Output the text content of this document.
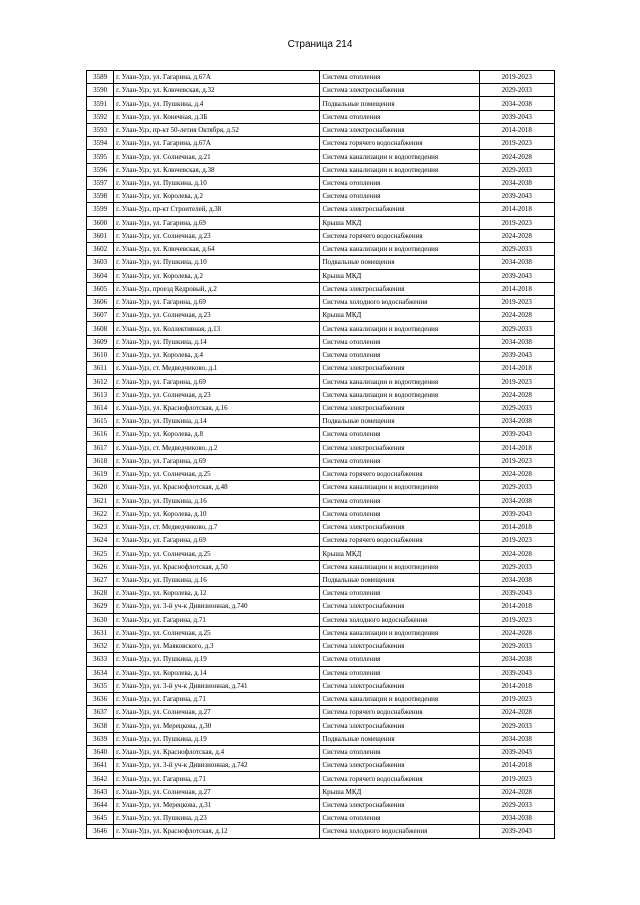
Страница 214
3589	г. Улан-Удэ, ул. Гагарина, д.67А	Система отопления	2019-2023
3590	г. Улан-Удэ, ул. Ключевская, д.32	Система электроснабжения	2029-2033
3591	г. Улан-Удэ, ул. Пушкина, д.4	Подвальные помещения	2034-2038
3592	г. Улан-Удэ, ул. Конечная, д.3Б	Система отопления	2039-2043
3593	г. Улан-Удэ, пр-кт 50-летия Октября, д.52	Система электроснабжения	2014-2018
3594	г. Улан-Удэ, ул. Гагарина, д.67А	Система горячего водоснабжения	2019-2023
3595	г. Улан-Удэ, ул. Солнечная, д.21	Система канализации и водоотведения	2024-2028
3596	г. Улан-Удэ, ул. Ключевская, д.38	Система канализации и водоотведения	2029-2033
3597	г. Улан-Удэ, ул. Пушкина, д.10	Система отопления	2034-2038
3598	г. Улан-Удэ, ул. Королева, д.2	Система отопления	2039-2043
3599	г. Улан-Удэ, пр-кт Строителей, д.38	Система электроснабжения	2014-2018
3600	г. Улан-Удэ, ул. Гагарина, д.69	Крыша МКД	2019-2023
3601	г. Улан-Удэ, ул. Солнечная, д.23	Система горячего водоснабжения	2024-2028
3602	г. Улан-Удэ, ул. Ключевская, д.64	Система канализации и водоотведения	2029-2033
3603	г. Улан-Удэ, ул. Пушкина, д.10	Подвальные помещения	2034-2038
3604	г. Улан-Удэ, ул. Королева, д.2	Крыша МКД	2039-2043
3605	г. Улан-Удэ, проезд Кедровый, д.2	Система электроснабжения	2014-2018
3606	г. Улан-Удэ, ул. Гагарина, д.69	Система холодного водоснабжения	2019-2023
3607	г. Улан-Удэ, ул. Солнечная, д.23	Крыша МКД	2024-2028
3608	г. Улан-Удэ, ул. Коллективная, д.13	Система канализации и водоотведения	2029-2033
3609	г. Улан-Удэ, ул. Пушкина, д.14	Система отопления	2034-2038
3610	г. Улан-Удэ, ул. Королева, д.4	Система отопления	2039-2043
3611	г. Улан-Удэ, ст. Медведчиково, д.1	Система электроснабжения	2014-2018
3612	г. Улан-Удэ, ул. Гагарина, д.69	Система канализации и водоотведения	2019-2023
3613	г. Улан-Удэ, ул. Солнечная, д.23	Система канализации и водоотведения	2024-2028
3614	г. Улан-Удэ, ул. Краснофлотская, д.16	Система электроснабжения	2029-2033
3615	г. Улан-Удэ, ул. Пушкина, д.14	Подвальные помещения	2034-2038
3616	г. Улан-Удэ, ул. Королева, д.8	Система отопления	2039-2043
3617	г. Улан-Удэ, ст. Медведчиково, д.2	Система электроснабжения	2014-2018
3618	г. Улан-Удэ, ул. Гагарина, д.69	Система отопления	2019-2023
3619	г. Улан-Удэ, ул. Солнечная, д.25	Система горячего водоснабжения	2024-2028
3620	г. Улан-Удэ, ул. Краснофлотская, д.48	Система канализации и водоотведения	2029-2033
3621	г. Улан-Удэ, ул. Пушкина, д.16	Система отопления	2034-2038
3622	г. Улан-Удэ, ул. Королева, д.10	Система отопления	2039-2043
3623	г. Улан-Удэ, ст. Медведчиково, д.7	Система электроснабжения	2014-2018
3624	г. Улан-Удэ, ул. Гагарина, д.69	Система горячего водоснабжения	2019-2023
3625	г. Улан-Удэ, ул. Солнечная, д.25	Крыша МКД	2024-2028
3626	г. Улан-Удэ, ул. Краснофлотская, д.50	Система канализации и водоотведения	2029-2033
3627	г. Улан-Удэ, ул. Пушкина, д.16	Подвальные помещения	2034-2038
3628	г. Улан-Удэ, ул. Королева, д.12	Система отопления	2039-2043
3629	г. Улан-Удэ, ул. 3-й уч-к Дивизионная, д.740	Система электроснабжения	2014-2018
3630	г. Улан-Удэ, ул. Гагарина, д.71	Система холодного водоснабжения	2019-2023
3631	г. Улан-Удэ, ул. Солнечная, д.25	Система канализации и водоотведения	2024-2028
3632	г. Улан-Удэ, ул. Маяковского, д.3	Система электроснабжения	2029-2033
3633	г. Улан-Удэ, ул. Пушкина, д.19	Система отопления	2034-2038
3634	г. Улан-Удэ, ул. Королева, д.14	Система отопления	2039-2043
3635	г. Улан-Удэ, ул. 3-й уч-к Дивизионная, д.741	Система электроснабжения	2014-2018
3636	г. Улан-Удэ, ул. Гагарина, д.71	Система канализации и водоотведения	2019-2023
3637	г. Улан-Удэ, ул. Солнечная, д.27	Система горячего водоснабжения	2024-2028
3638	г. Улан-Удэ, ул. Мерецкова, д.30	Система электроснабжения	2029-2033
3639	г. Улан-Удэ, ул. Пушкина, д.19	Подвальные помещения	2034-2038
3640	г. Улан-Удэ, ул. Краснофлотская, д.4	Система отопления	2039-2043
3641	г. Улан-Удэ, ул. 3-й уч-к Дивизионная, д.742	Система электроснабжения	2014-2018
3642	г. Улан-Удэ, ул. Гагарина, д.71	Система горячего водоснабжения	2019-2023
3643	г. Улан-Удэ, ул. Солнечная, д.27	Крыша МКД	2024-2028
3644	г. Улан-Удэ, ул. Мерецкова, д.31	Система электроснабжения	2029-2033
3645	г. Улан-Удэ, ул. Пушкина, д.23	Система отопления	2034-2038
3646	г. Улан-Удэ, ул. Краснофлотская, д.12	Система холодного водоснабжения	2039-2043
